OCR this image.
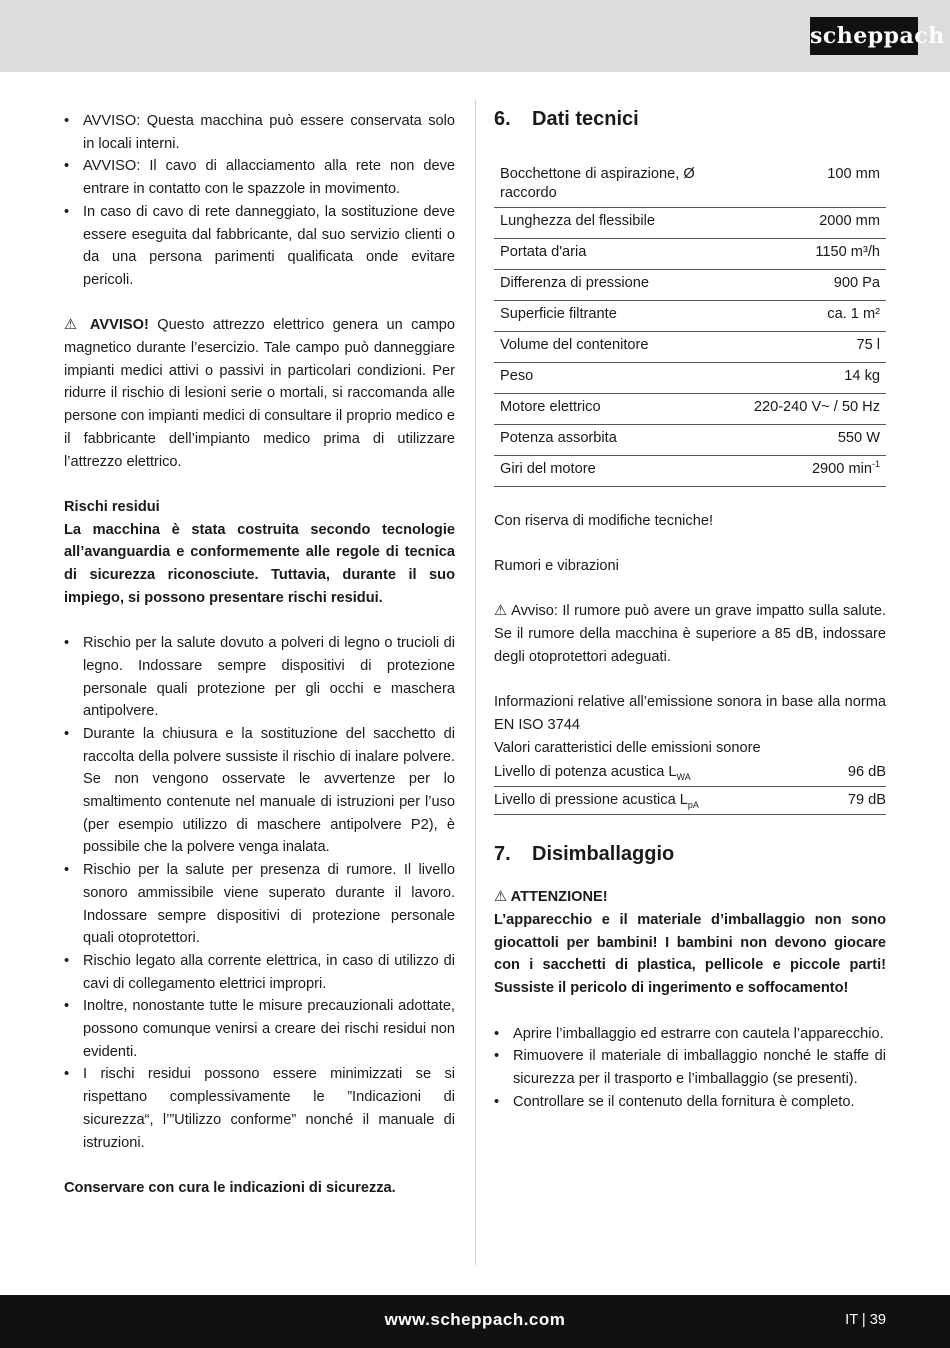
scheppach
• AVVISO: Questa macchina può essere conservata solo in locali interni.
• AVVISO: Il cavo di allacciamento alla rete non deve entrare in contatto con le spazzole in movimento.
• In caso di cavo di rete danneggiato, la sostituzione deve essere eseguita dal fabbricante, dal suo servizio clienti o da una persona parimenti qualificata onde evitare pericoli.

⚠ AVVISO! Questo attrezzo elettrico genera un campo magnetico durante l’esercizio. Tale campo può danneggiare impianti medici attivi o passivi in particolari condizioni. Per ridurre il rischio di lesioni serie o mortali, si raccomanda alle persone con impianti medici di consultare il proprio medico e il fabbricante dell’impianto medico prima di utilizzare l’attrezzo elettrico.

Rischi residui

La macchina è stata costruita secondo tecnologie all’avanguardia e conformemente alle regole di tecnica di sicurezza riconosciute. Tuttavia, durante il suo impiego, si possono presentare rischi residui.

• Rischio per la salute dovuto a polveri di legno o trucioli di legno. Indossare sempre dispositivi di protezione personale quali protezione per gli occhi e maschera antipolvere.
• Durante la chiusura e la sostituzione del sacchetto di raccolta della polvere sussiste il rischio di inalare polvere. Se non vengono osservate le avvertenze per lo smaltimento contenute nel manuale di istruzioni per l’uso (per esempio utilizzo di maschere antipolvere P2), è possibile che la polvere venga inalata.
• Rischio per la salute per presenza di rumore. Il livello sonoro ammissibile viene superato durante il lavoro. Indossare sempre dispositivi di protezione personale quali otoprotettori.
• Rischio legato alla corrente elettrica, in caso di utilizzo di cavi di collegamento elettrici impropri.
• Inoltre, nonostante tutte le misure precauzionali adottate, possono comunque venirsi a creare dei rischi residui non evidenti.
• I rischi residui possono essere minimizzati se si rispettano complessivamente le ”Indicazioni di sicurezza“, l’”Utilizzo conforme” nonché il manuale di istruzioni.

Conservare con cura le indicazioni di sicurezza.

6. Dati tecnici
Bocchettone di aspirazione, Ø raccordo	100 mm
Lunghezza del flessibile	2000 mm
Portata d'aria	1150 m³/h
Differenza di pressione	900 Pa
Superficie filtrante	ca. 1 m²
Volume del contenitore	75 l
Peso	14 kg
Motore elettrico	220-240 V~ / 50 Hz
Potenza assorbita	550 W
Giri del motore	2900 $\min^{-1}$

Con riserva di modifiche tecniche!

Rumori e vibrazioni

⚠ Avviso: Il rumore può avere un grave impatto sulla salute. Se il rumore della macchina è superiore a 85 dB, indossare degli otoprotettori adeguati.

Informazioni relative all’emissione sonora in base alla norma EN ISO 3744

Valori caratteristici delle emissioni sonore

Livello di potenza acustica $L_{WA}$	96 dB
Livello di pressione acustica $L_{pA}$	79 dB
7. Disimballaggio

⚠ ATTENZIONE!

L’apparecchio e il materiale d’imballaggio non sono giocattoli per bambini! I bambini non devono giocare con i sacchetti di plastica, pellicole e piccole parti! Sussiste il pericolo di ingerimento e soffocamento!

• Aprire l’imballaggio ed estrarre con cautela l’apparecchio.
• Rimuovere il materiale di imballaggio nonché le staffe di sicurezza per il trasporto e l’imballaggio (se presenti).
• Controllare se il contenuto della fornitura è completo.
www.scheppach.com	IT | 39
